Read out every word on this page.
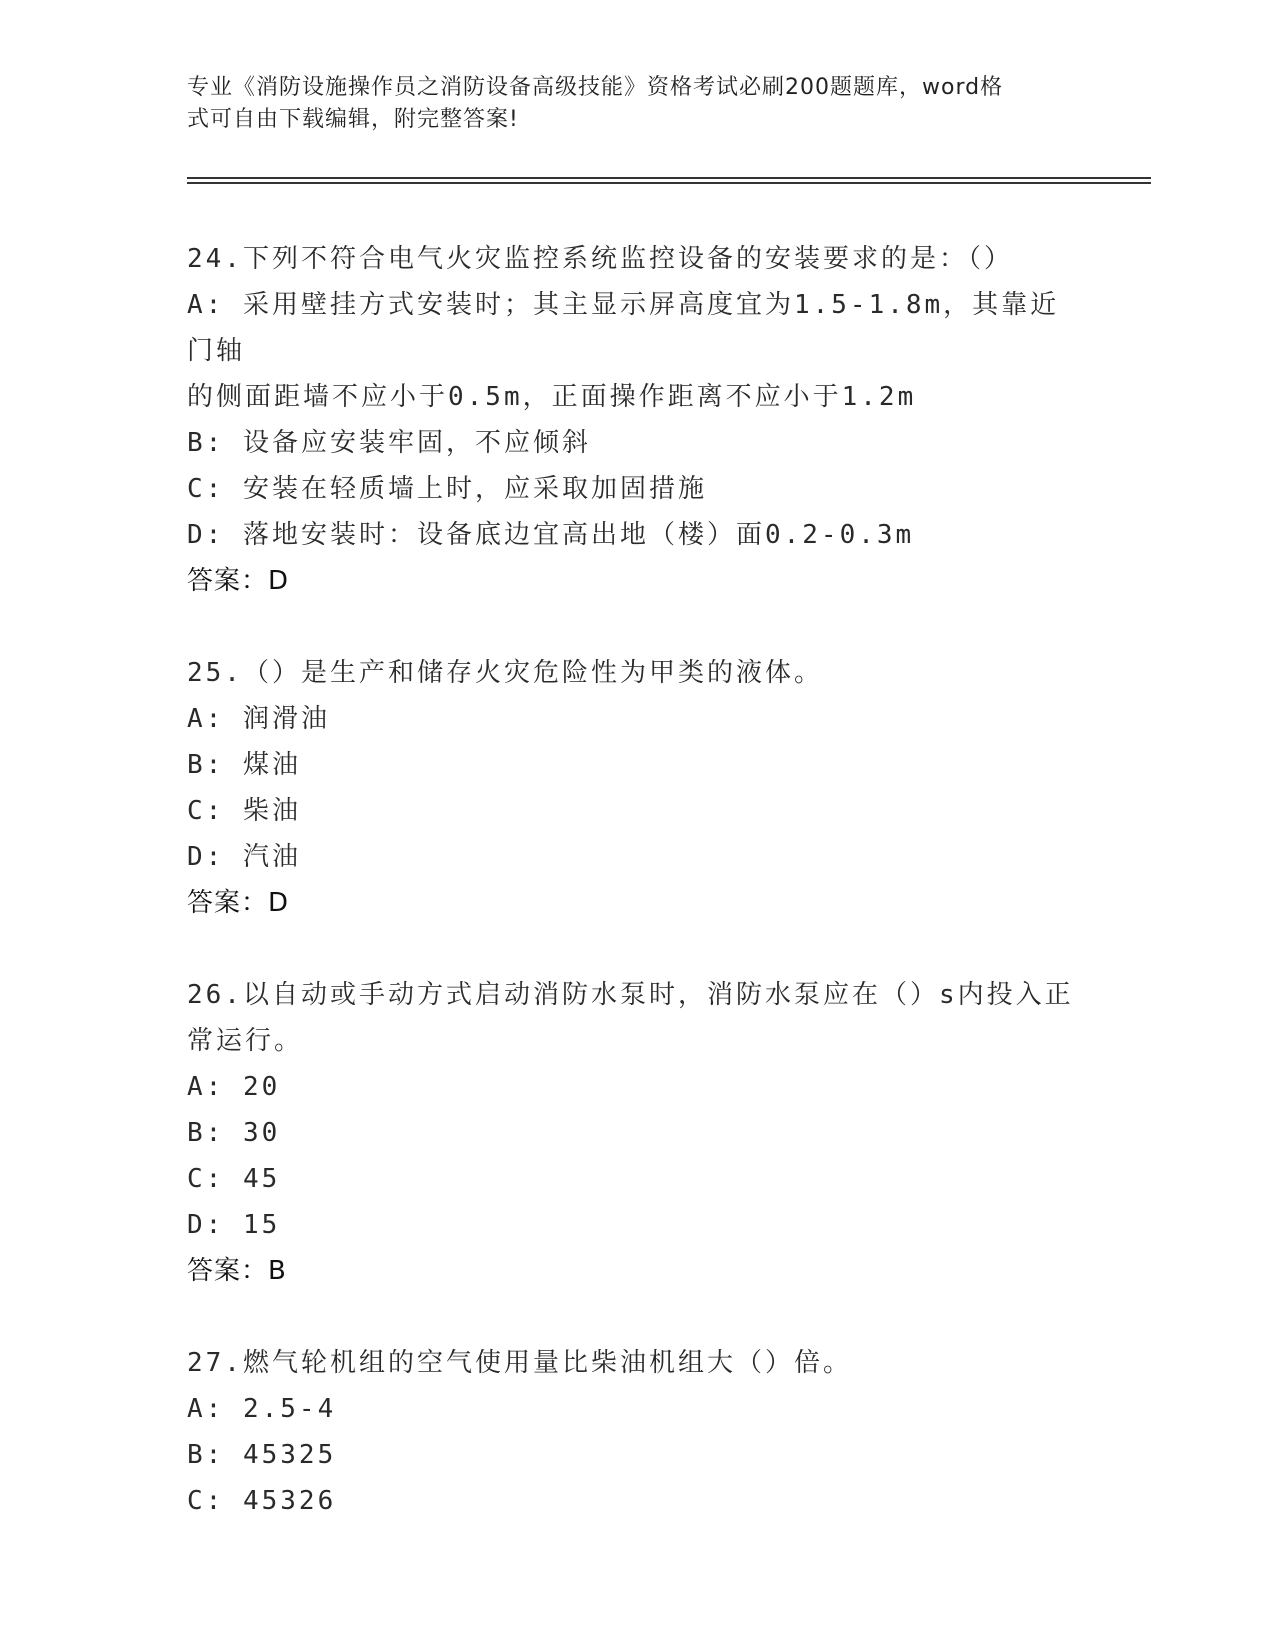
专业《消防设施操作员之消防设备高级技能》资格考试必刷200题题库，word格
式可自由下载编辑，附完整答案!
24.下列不符合电气火灾监控系统监控设备的安装要求的是：（）
A: 采用壁挂方式安装时；其主显示屏高度宜为1.5-1.8m，其靠近门轴
的侧面距墙不应小于0.5m，正面操作距离不应小于1.2m
B: 设备应安装牢固，不应倾斜
C: 安装在轻质墙上时，应采取加固措施
D: 落地安装时：设备底边宜高出地（楼）面0.2-0.3m
答案：D
25.（）是生产和储存火灾危险性为甲类的液体。
A: 润滑油
B: 煤油
C: 柴油
D: 汽油
答案：D
26.以自动或手动方式启动消防水泵时，消防水泵应在（）s内投入正
常运行。
A: 20
B: 30
C: 45
D: 15
答案：B
27.燃气轮机组的空气使用量比柴油机组大（）倍。
A: 2.5-4
B: 45325
C: 45326
